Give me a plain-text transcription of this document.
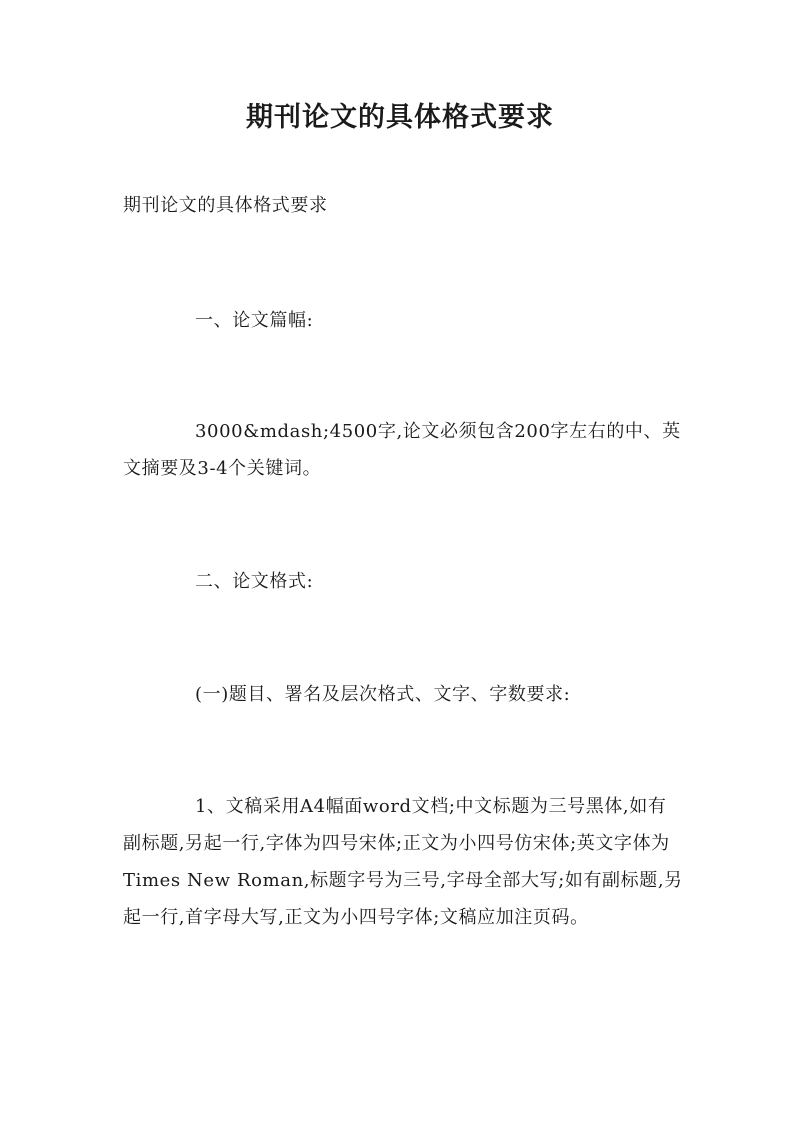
期刊论文的具体格式要求

期刊论文的具体格式要求

一、论文篇幅:

3000&mdash;4500字,论文必须包含200字左右的中、英文摘要及3-4个关键词。

二、论文格式:

(一)题目、署名及层次格式、文字、字数要求:

1、文稿采用A4幅面word文档;中文标题为三号黑体,如有副标题,另起一行,字体为四号宋体;正文为小四号仿宋体;英文字体为Times New Roman,标题字号为三号,字母全部大写;如有副标题,另起一行,首字母大写,正文为小四号字体;文稿应加注页码。
